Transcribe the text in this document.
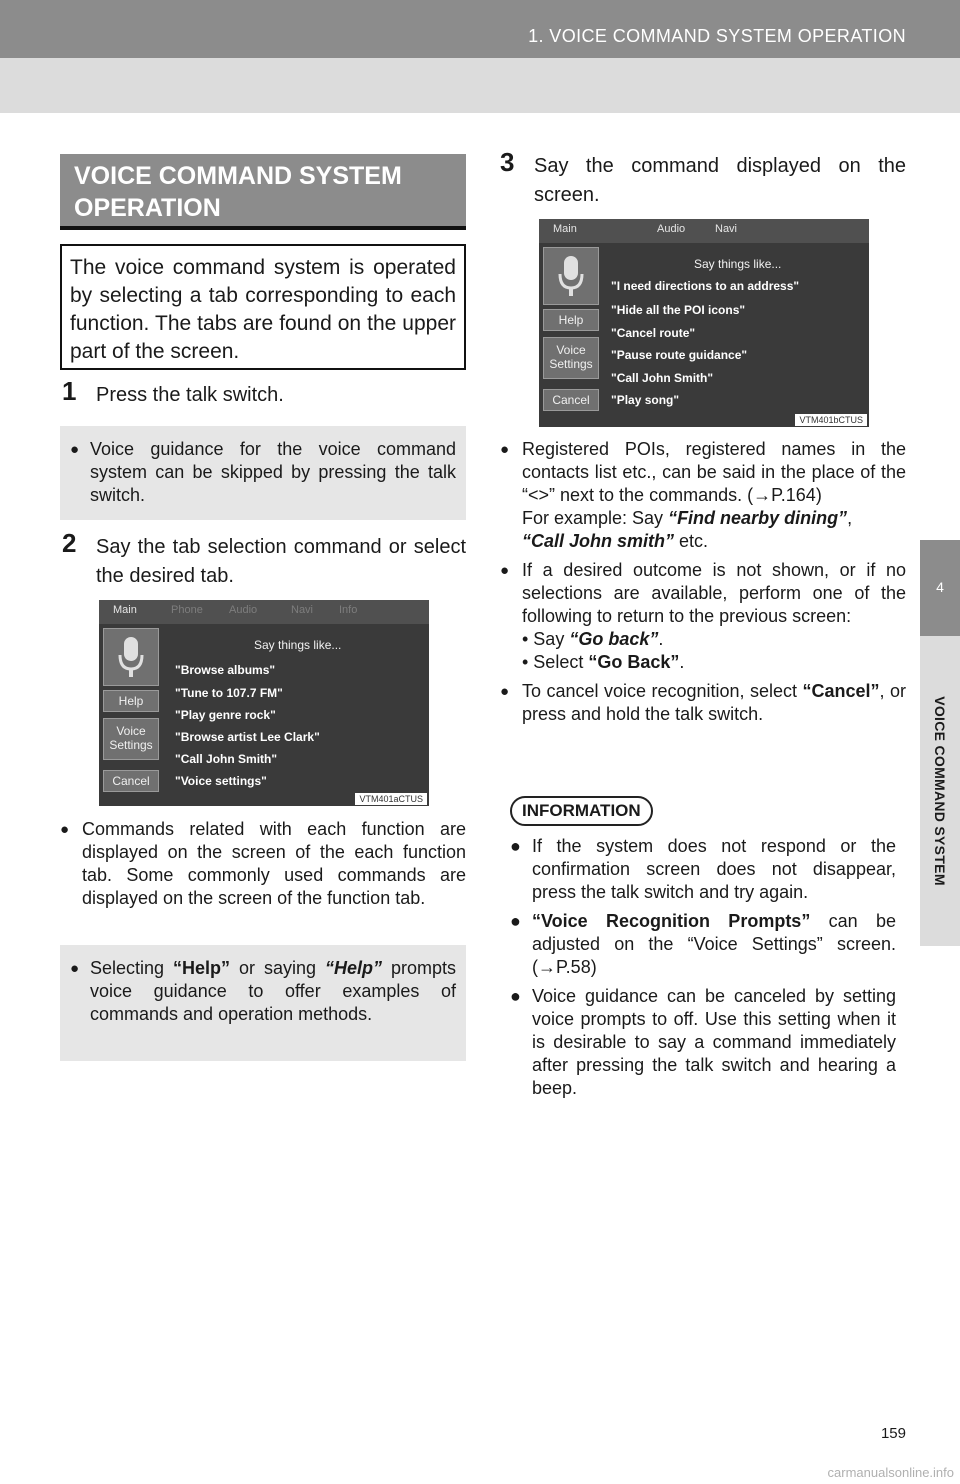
1. VOICE COMMAND SYSTEM OPERATION
4
VOICE COMMAND SYSTEM
VOICE COMMAND SYSTEM OPERATION
The voice command system is operated by selecting a tab corresponding to each function. The tabs are found on the upper part of the screen.
1 Press the talk switch.
● Voice guidance for the voice command system can be skipped by pressing the talk switch.
2 Say the tab selection command or select the desired tab.
Main	Phone Audio	Navi Info
Help
Voice Settings
Cancel
Say things like...
"Browse albums"
"Tune to 107.7 FM"
"Play genre rock"
"Browse artist Lee Clark"
"Call John Smith"
"Voice settings"
VTM401aCTUS
● Commands related with each function are displayed on the screen of the each function tab. Some commonly used commands are displayed on the screen of the function tab.
● Selecting “Help” or saying “Help” prompts voice guidance to offer examples of commands and operation methods.
3 Say the command displayed on the screen.
Main	Audio	Navi
Help
Voice Settings
Cancel
Say things like...
"I need directions to an address"
"Hide all the POI icons"
"Cancel route"
"Pause route guidance"
"Call John Smith"
"Play song"
VTM401bCTUS
● Registered POIs, registered names in the contacts list etc., can be said in the place of the “<>” next to the commands. (→P.164)
For example: Say “Find nearby dining”,
“Call John smith” etc.
● If a desired outcome is not shown, or if no selections are available, perform one of the following to return to the previous screen:
• Say “Go back”.
• Select “Go Back”.
● To cancel voice recognition, select “Cancel”, or press and hold the talk switch.
INFORMATION
● If the system does not respond or the confirmation screen does not disappear, press the talk switch and try again.
● “Voice Recognition Prompts” can be adjusted on the “Voice Settings” screen. (→P.58)
● Voice guidance can be canceled by setting voice prompts to off. Use this setting when it is desirable to say a command immediately after pressing the talk switch and hearing a beep.
159
carmanualsonline.info
